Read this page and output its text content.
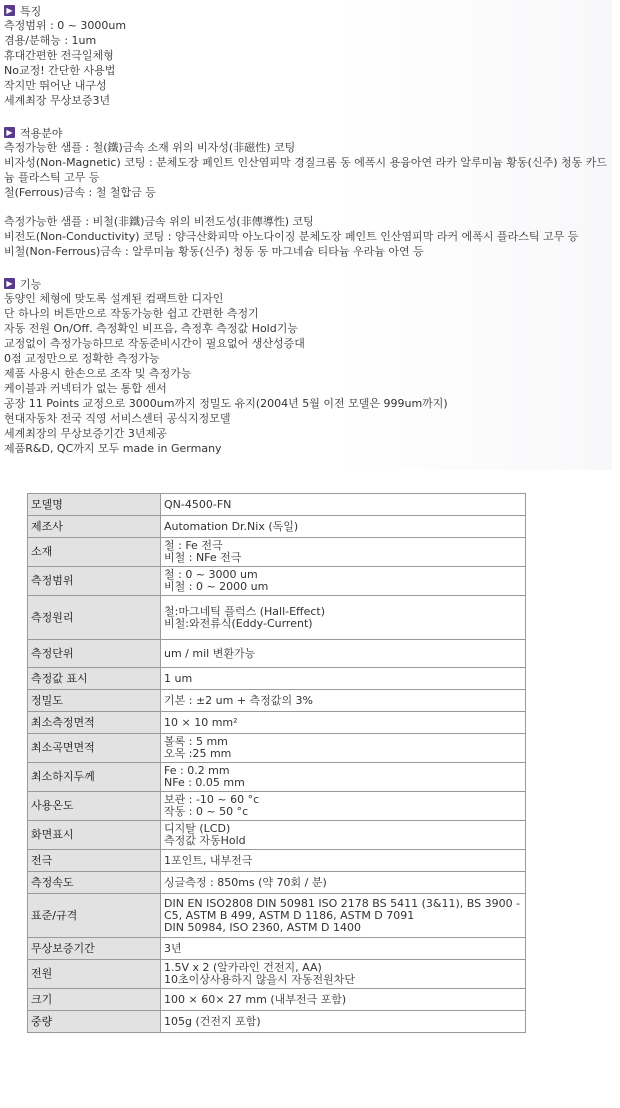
▶ 특징
측정범위 : 0 ~ 3000um
겸용/분해능 : 1um
휴대간편한 전극일체형
No교정! 간단한 사용법
작지만 뛰어난 내구성
세계최장 무상보증3년
▶ 적용분야
측정가능한 샘플 : 철(鐵)금속 소재 위의 비자성(非磁性) 코팅
비자성(Non-Magnetic) 코팅 : 분체도장 페인트 인산염피막 경질크롬 동 에폭시 용융아연 라카 알루미늄 황동(신주) 청동 카드늄 플라스틱 고무 등
철(Ferrous)금속 : 철 철합금 등
측정가능한 샘플 : 비철(非鐵)금속 위의 비전도성(非傳導性) 코팅
비전도(Non-Conductivity) 코팅 : 양극산화피막 아노다이징 분체도장 페인트 인산염피막 라커 에폭시 플라스틱 고무 등
비철(Non-Ferrous)금속 : 알루미늄 황동(신주) 청동 동 마그네슘 티타늄 우라늄 아연 등
▶ 기능
동양인 체형에 맞도록 설계된 컴팩트한 디자인
단 하나의 버튼만으로 작동가능한 쉽고 간편한 측정기
자동 전원 On/Off. 측정확인 비프음, 측정후 측정값 Hold기능
교정없이 측정가능하므로 작동준비시간이 필요없어 생산성증대
0점 교정만으로 정확한 측정가능
제품 사용시 한손으로 조작 및 측정가능
케이블과 커넥터가 없는 통합 센서
공장 11 Points 교정으로 3000um까지 정밀도 유지(2004년 5월 이전 모델은 999um까지)
현대자동차 전국 직영 서비스센터 공식지정모델
세계최장의 무상보증기간 3년제공
제품R&D, QC까지 모두 made in Germany
모델명	QN-4500-FN

제조사	Automation Dr.Nix (독일)

소재	철 : Fe 전극
비철 : NFe 전극

측정범위	철 : 0 ~ 3000 um
비철 : 0 ~ 2000 um

측정원리	철:마그네틱 플럭스 (Hall-Effect)
비철:와전류식(Eddy-Current)

측정단위	um / mil 변환가능

측정값 표시	1 um

정밀도	기본 : ±2 um + 측정값의 3%

최소측정면적	10 × 10 mm²

최소곡면면적	볼록 : 5 mm
오목 :25 mm

최소하지두께	Fe : 0.2 mm
NFe : 0.05 mm

사용온도	보관 : -10 ~ 60 °c
작동 : 0 ~ 50 °c

화면표시	디지탈 (LCD)
측정값 자동Hold

전극	1포인트, 내부전극

측정속도	싱글측정 : 850ms (약 70회 / 분)

표준/규격	DIN EN ISO2808 DIN 50981 ISO 2178 BS 5411 (3&11), BS 3900 - C5, ASTM B 499, ASTM D 1186, ASTM D 7091
DIN 50984, ISO 2360, ASTM D 1400

무상보증기간	3년

전원	1.5V x 2 (알카라인 건전지, AA)
10초이상사용하지 않을시 자동전원차단

크기	100 × 60× 27 mm (내부전극 포함)

중량	105g (건전지 포함)
